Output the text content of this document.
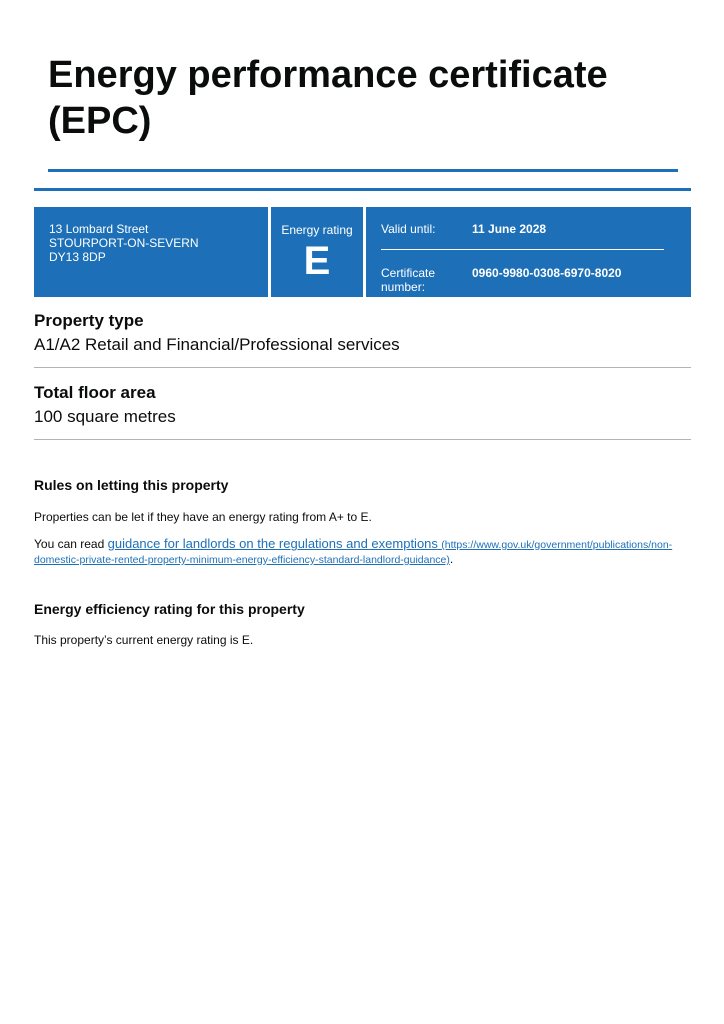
Energy performance certificate (EPC)
13 Lombard Street
STOURPORT-ON-SEVERN
DY13 8DP
Energy rating
E
Valid until:	11 June 2028
Certificate number:
0960-9980-0308-6970-8020
Property type

A1/A2 Retail and Financial/Professional services

Total floor area

100 square metres

Rules on letting this property

Properties can be let if they have an energy rating from A+ to E.

You can read guidance for landlords on the regulations and exemptions (https://www.gov.uk/government/publications/non-
domestic-private-rented-property-minimum-energy-efficiency-standard-landlord-guidance).

Energy efficiency rating for this property

This property’s current energy rating is E.
